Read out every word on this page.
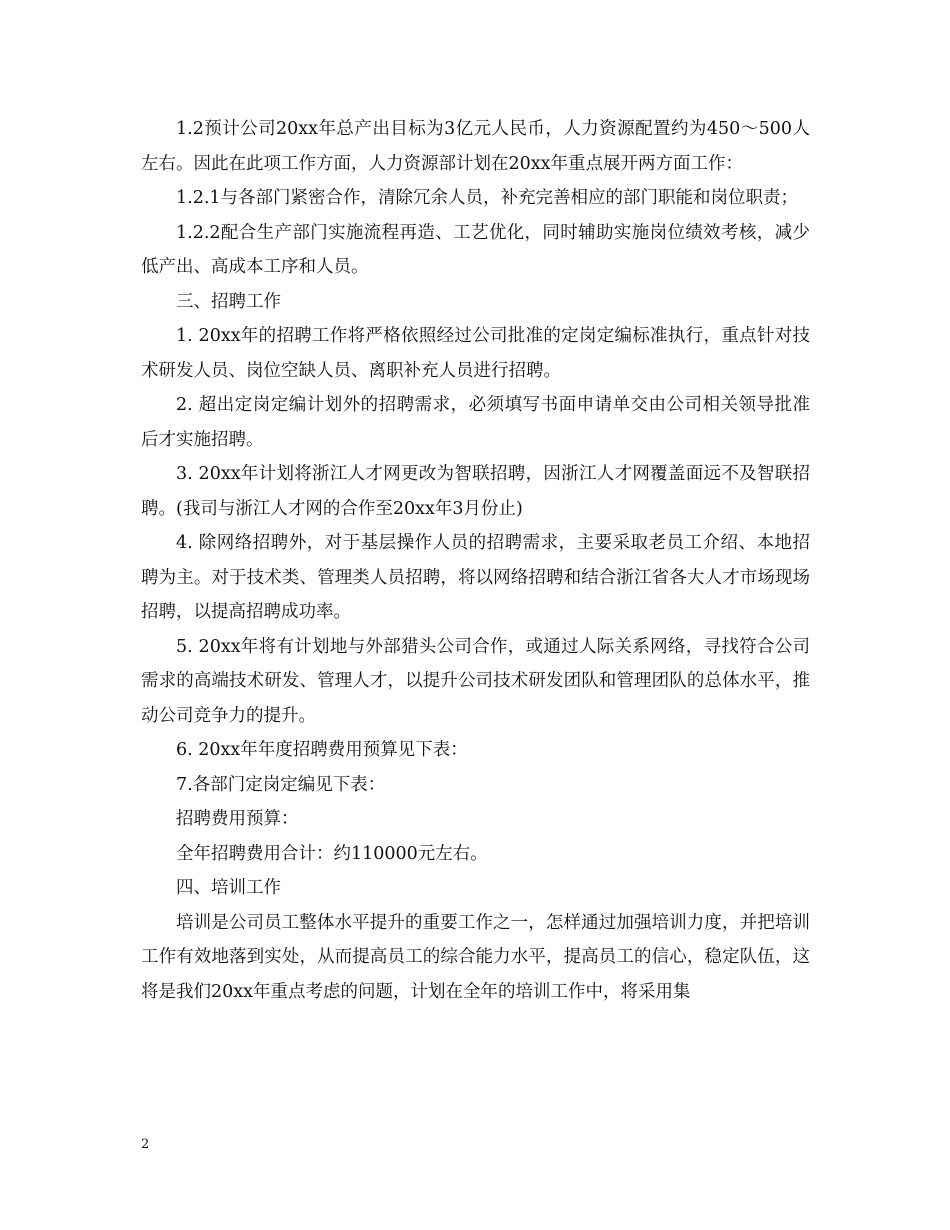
1.2预计公司20xx年总产出目标为3亿元人民币，人力资源配置约为450～500人左右。因此在此项工作方面，人力资源部计划在20xx年重点展开两方面工作：

1.2.1与各部门紧密合作，清除冗余人员，补充完善相应的部门职能和岗位职责；

1.2.2配合生产部门实施流程再造、工艺优化，同时辅助实施岗位绩效考核，减少低产出、高成本工序和人员。

三、招聘工作

1. 20xx年的招聘工作将严格依照经过公司批准的定岗定编标准执行，重点针对技术研发人员、岗位空缺人员、离职补充人员进行招聘。

2. 超出定岗定编计划外的招聘需求，必须填写书面申请单交由公司相关领导批准后才实施招聘。

3. 20xx年计划将浙江人才网更改为智联招聘，因浙江人才网覆盖面远不及智联招聘。(我司与浙江人才网的合作至20xx年3月份止)

4. 除网络招聘外，对于基层操作人员的招聘需求，主要采取老员工介绍、本地招聘为主。对于技术类、管理类人员招聘，将以网络招聘和结合浙江省各大人才市场现场招聘，以提高招聘成功率。

5. 20xx年将有计划地与外部猎头公司合作，或通过人际关系网络，寻找符合公司需求的高端技术研发、管理人才，以提升公司技术研发团队和管理团队的总体水平，推动公司竞争力的提升。

6. 20xx年年度招聘费用预算见下表：

7.各部门定岗定编见下表：

招聘费用预算：

全年招聘费用合计：约110000元左右。

四、培训工作

培训是公司员工整体水平提升的重要工作之一，怎样通过加强培训力度，并把培训工作有效地落到实处，从而提高员工的综合能力水平，提高员工的信心，稳定队伍，这将是我们20xx年重点考虑的问题，计划在全年的培训工作中，将采用集

2
